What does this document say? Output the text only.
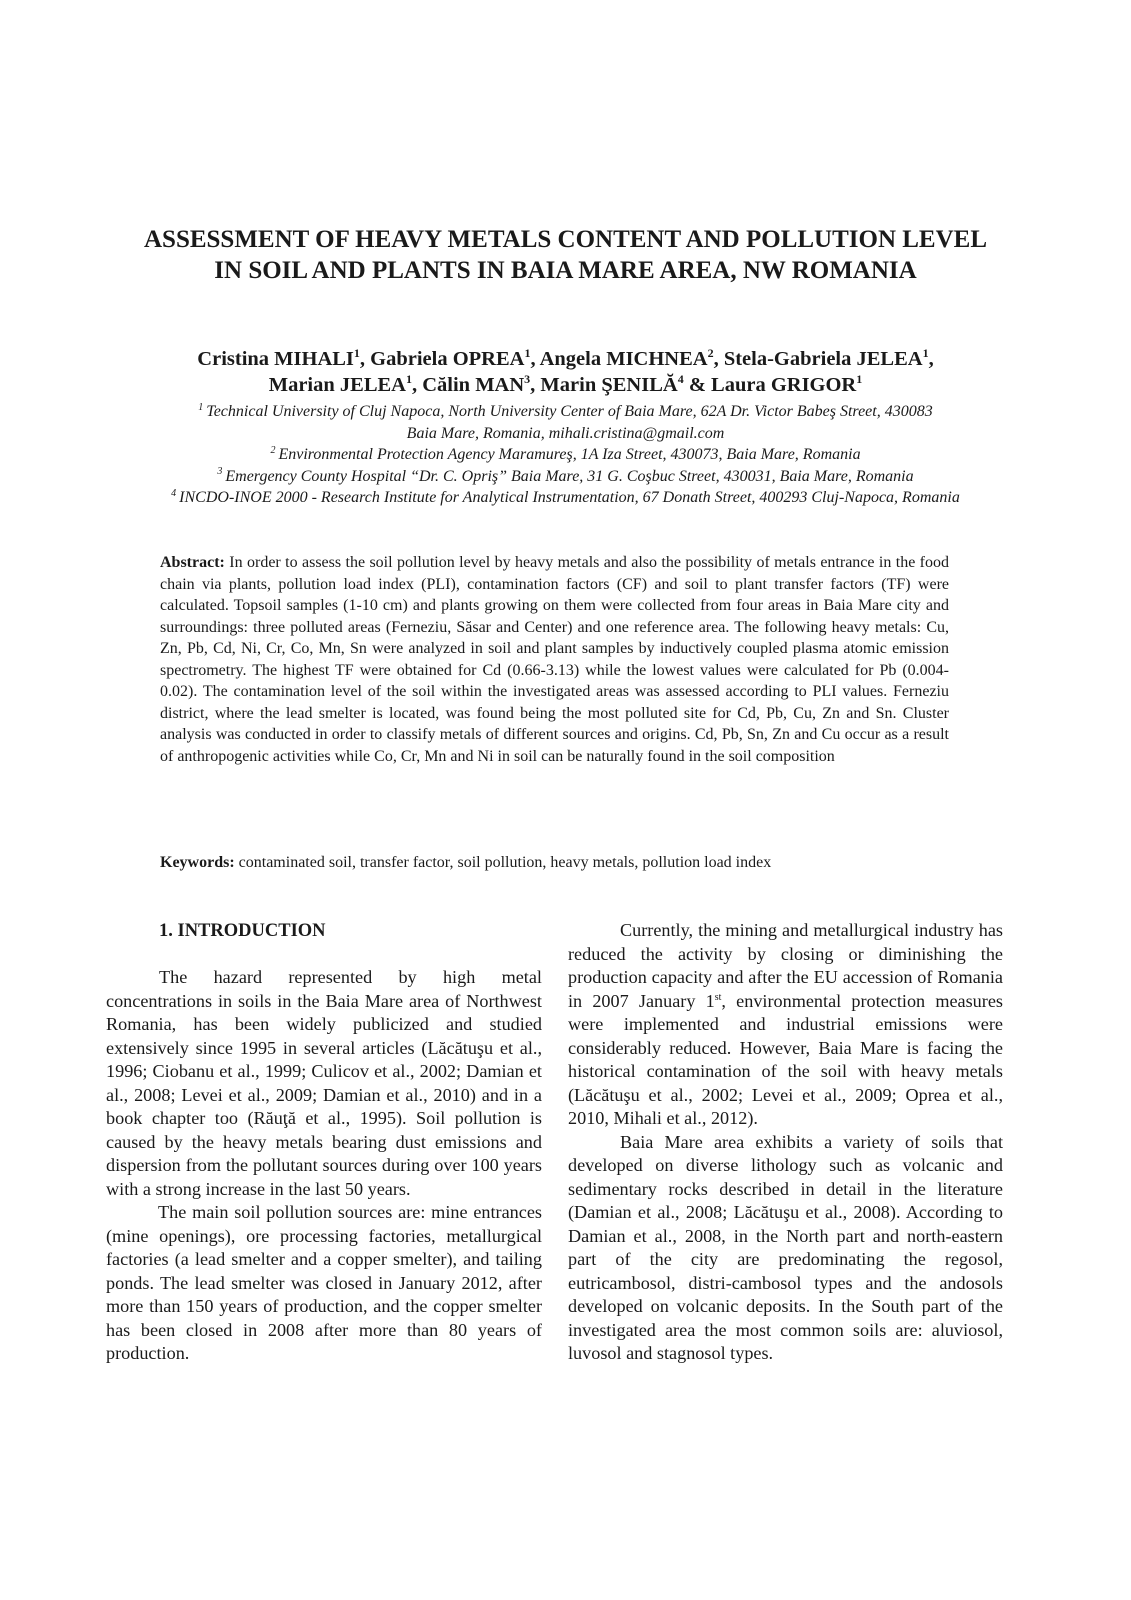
ASSESSMENT OF HEAVY METALS CONTENT AND POLLUTION LEVEL
IN SOIL AND PLANTS IN BAIA MARE AREA, NW ROMANIA
Cristina MIHALI$^1$, Gabriela OPREA$^1$, Angela MICHNEA$^2$, Stela-Gabriela JELEA$^1$,
Marian JELEA$^1$, Călin MAN$^3$, Marin ŞENILĂ$^4$ & Laura GRIGOR$^1$
$^1$ Technical University of Cluj Napoca, North University Center of Baia Mare, 62A Dr. Victor Babeş Street, 430083
Baia Mare, Romania, mihali.cristina@gmail.com
$^2$ Environmental Protection Agency Maramureş, 1A Iza Street, 430073, Baia Mare, Romania
$^3$ Emergency County Hospital “Dr. C. Opriş” Baia Mare, 31 G. Coşbuc Street, 430031, Baia Mare, Romania
$^4$ INCDO-INOE 2000 - Research Institute for Analytical Instrumentation, 67 Donath Street, 400293 Cluj-Napoca, Romania

Abstract: In order to assess the soil pollution level by heavy metals and also the possibility of metals entrance in the food chain via plants, pollution load index (PLI), contamination factors (CF) and soil to plant transfer factors (TF) were calculated. Topsoil samples (1-10 cm) and plants growing on them were collected from four areas in Baia Mare city and surroundings: three polluted areas (Ferneziu, Săsar and Center) and one reference area. The following heavy metals: Cu, Zn, Pb, Cd, Ni, Cr, Co, Mn, Sn were analyzed in soil and plant samples by inductively coupled plasma atomic emission spectrometry. The highest TF were obtained for Cd (0.66-3.13) while the lowest values were calculated for Pb (0.004-0.02). The contamination level of the soil within the investigated areas was assessed according to PLI values. Ferneziu district, where the lead smelter is located, was found being the most polluted site for Cd, Pb, Cu, Zn and Sn. Cluster analysis was conducted in order to classify metals of different sources and origins. Cd, Pb, Sn, Zn and Cu occur as a result of anthropogenic activities while Co, Cr, Mn and Ni in soil can be naturally found in the soil composition

Keywords: contaminated soil, transfer factor, soil pollution, heavy metals, pollution load index

1. INTRODUCTION

The hazard represented by high metal concentrations in soils in the Baia Mare area of Northwest Romania, has been widely publicized and studied extensively since 1995 in several articles (Lăcătuşu et al., 1996; Ciobanu et al., 1999; Culicov et al., 2002; Damian et al., 2008; Levei et al., 2009; Damian et al., 2010) and in a book chapter too (Răuţă et al., 1995). Soil pollution is caused by the heavy metals bearing dust emissions and dispersion from the pollutant sources during over 100 years with a strong increase in the last 50 years.

The main soil pollution sources are: mine entrances (mine openings), ore processing factories, metallurgical factories (a lead smelter and a copper smelter), and tailing ponds. The lead smelter was closed in January 2012, after more than 150 years of production, and the copper smelter has been closed in 2008 after more than 80 years of production.

Currently, the mining and metallurgical industry has reduced the activity by closing or diminishing the production capacity and after the EU accession of Romania in 2007 January 1st, environmental protection measures were implemented and industrial emissions were considerably reduced. However, Baia Mare is facing the historical contamination of the soil with heavy metals (Lăcătuşu et al., 2002; Levei et al., 2009; Oprea et al., 2010, Mihali et al., 2012).

Baia Mare area exhibits a variety of soils that developed on diverse lithology such as volcanic and sedimentary rocks described in detail in the literature (Damian et al., 2008; Lăcătuşu et al., 2008). According to Damian et al., 2008, in the North part and north-eastern part of the city are predominating the regosol, eutricambosol, distri-cambosol types and the andosols developed on volcanic deposits. In the South part of the investigated area the most common soils are: aluviosol, luvosol and stagnosol types.
